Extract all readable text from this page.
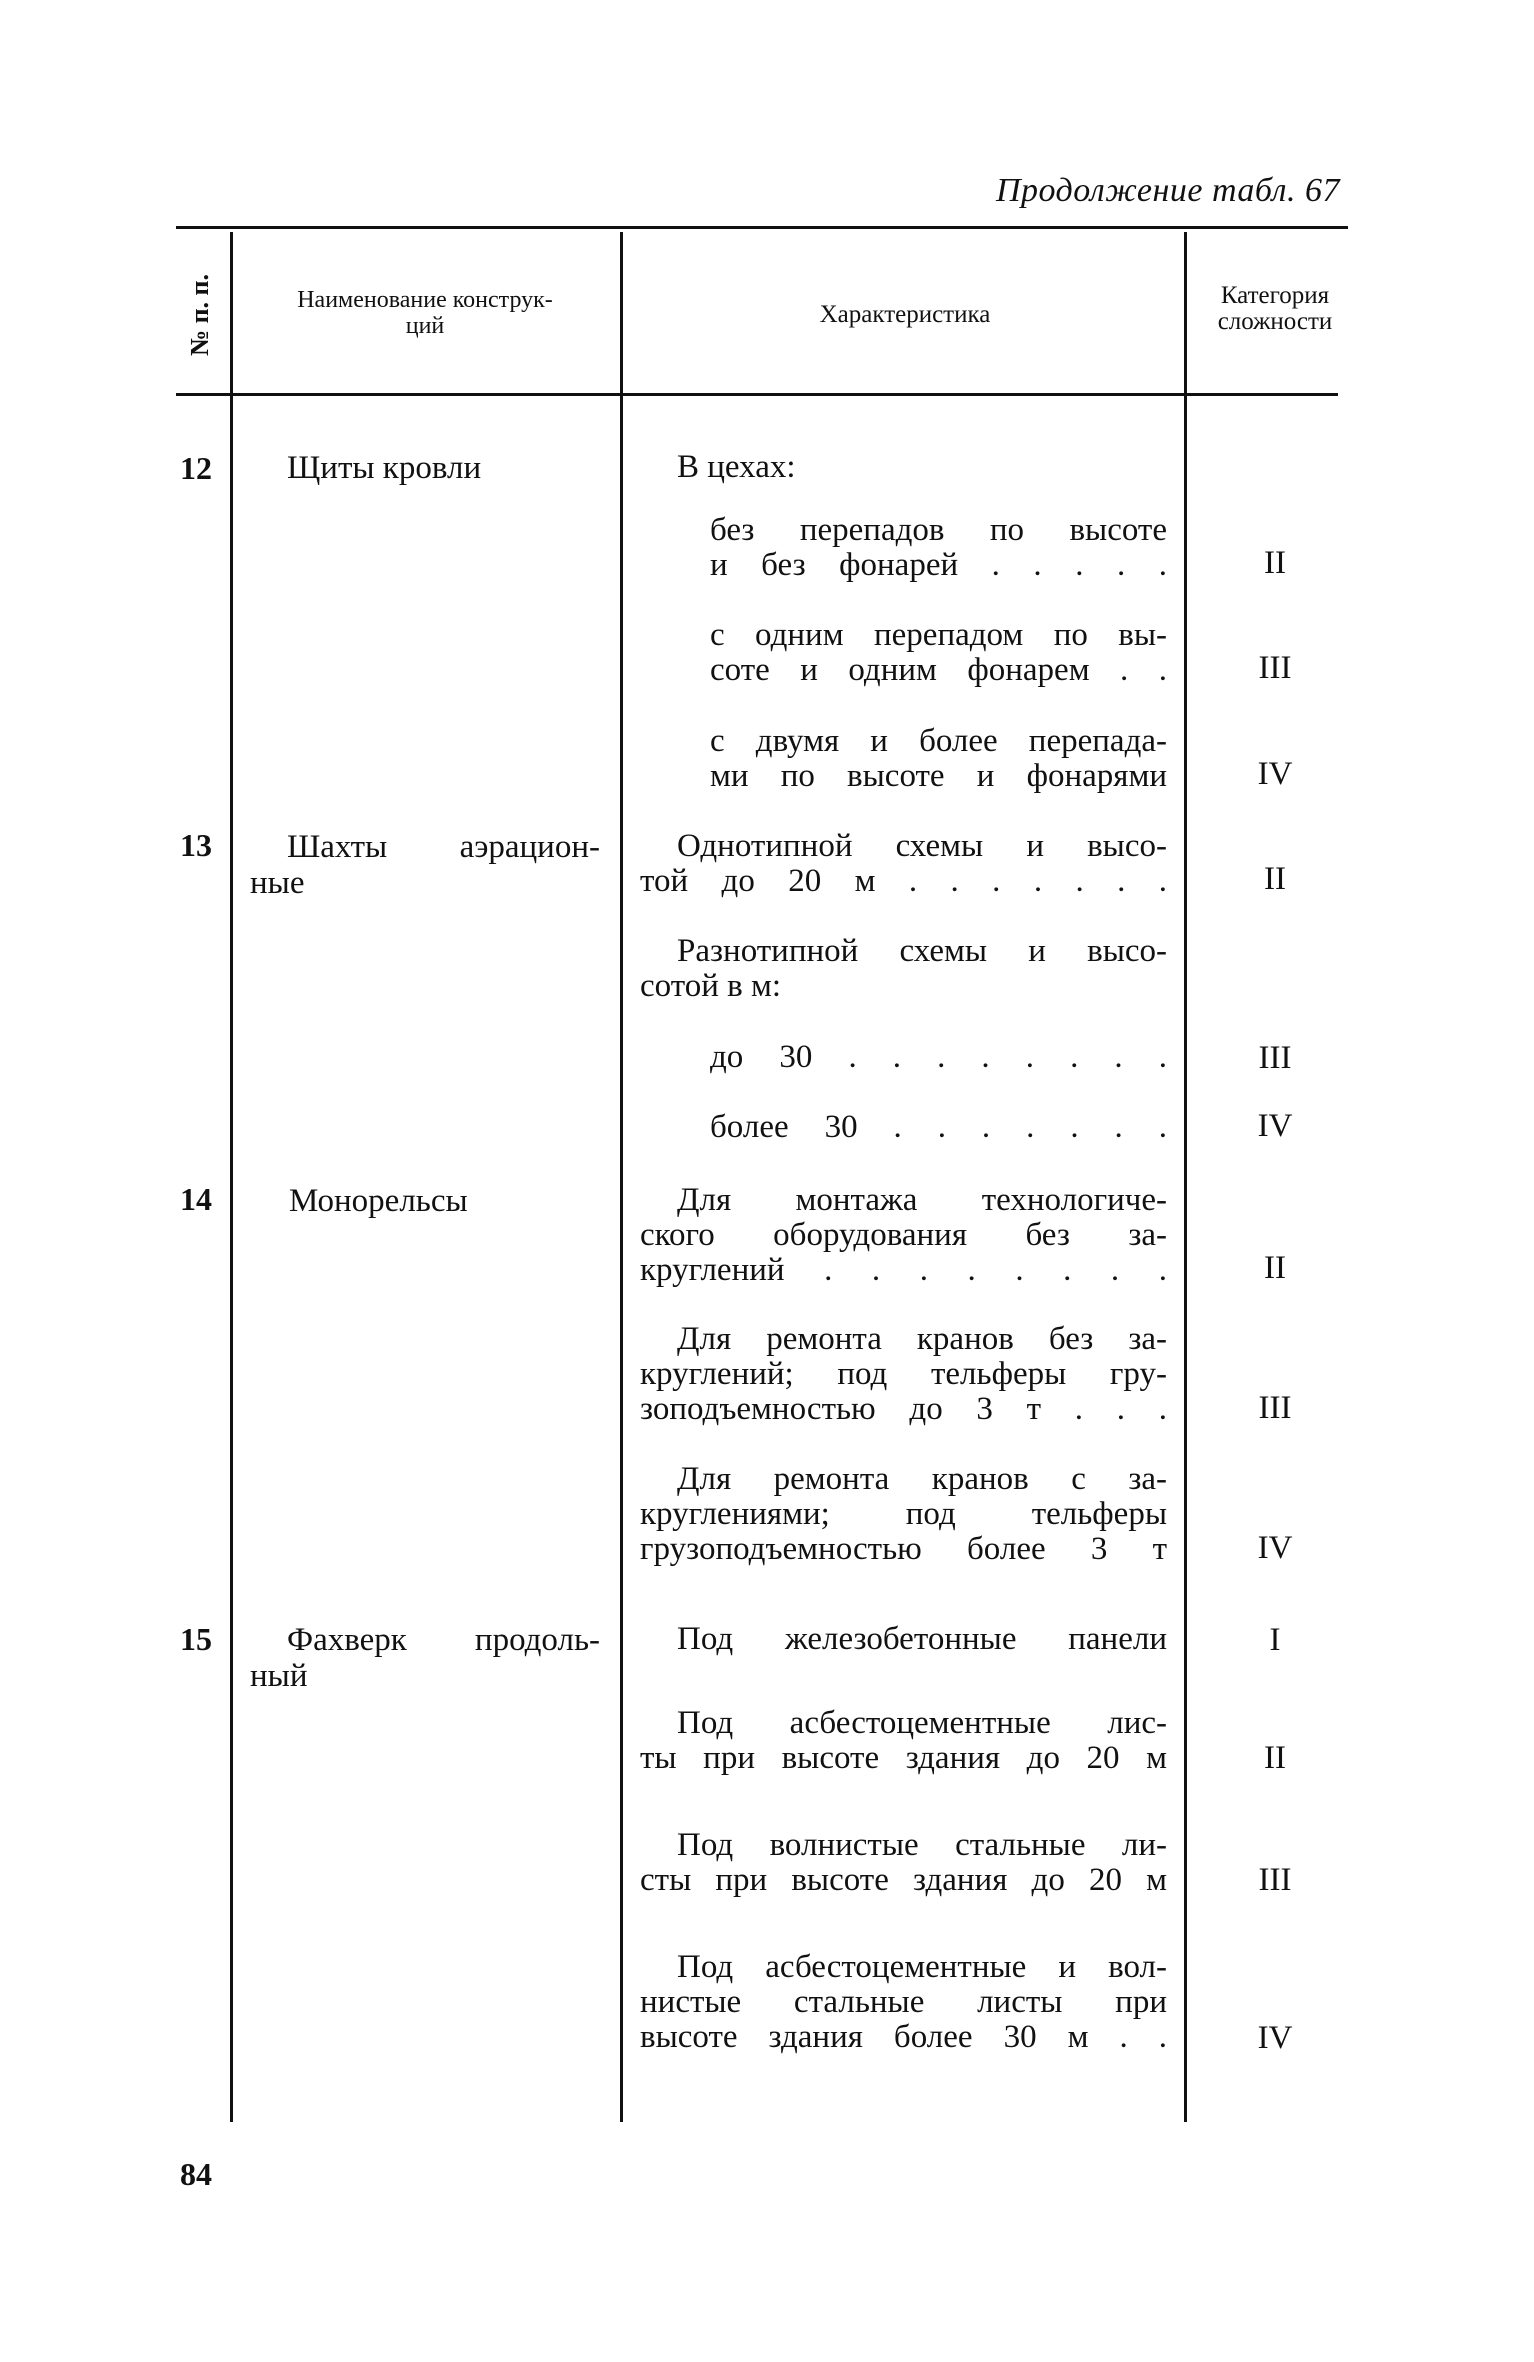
Продолжение табл. 67
№ п. п.	Наименование конструк-
ций	Характеристика
Категория
сложности
12
13
14
15
Щиты кровли
Шахты аэрацион-
ные
Монорельсы
Фахверк продоль-
ный
В цехах:
без перепадов по высоте
и без фонарей . . . . .
с одним перепадом по вы-
соте и одним фонарем . .
с двумя и более перепада-
ми по высоте и фонарями
Однотипной схемы и высо-
той до 20 м . . . . . . .
Разнотипной схемы и высо-
сотой в м:
до 30 . . . . . . . .
более 30 . . . . . . .
Для монтажа технологиче-
ского оборудования без за-
круглений . . . . . . . .
Для ремонта кранов без за-
круглений; под тельферы гру-
зоподъемностью до 3 т . . .
Для ремонта кранов с за-
круглениями; под тельферы
грузоподъемностью более 3 т
Под железобетонные панели
Под асбестоцементные лис-
ты при высоте здания до 20 м
Под волнистые стальные ли-
сты при высоте здания до 20 м
Под асбестоцементные и вол-
нистые стальные листы при
высоте здания более 30 м . .
II
III
IV
II
III
IV
II
III
IV
I
II
III
IV
84
